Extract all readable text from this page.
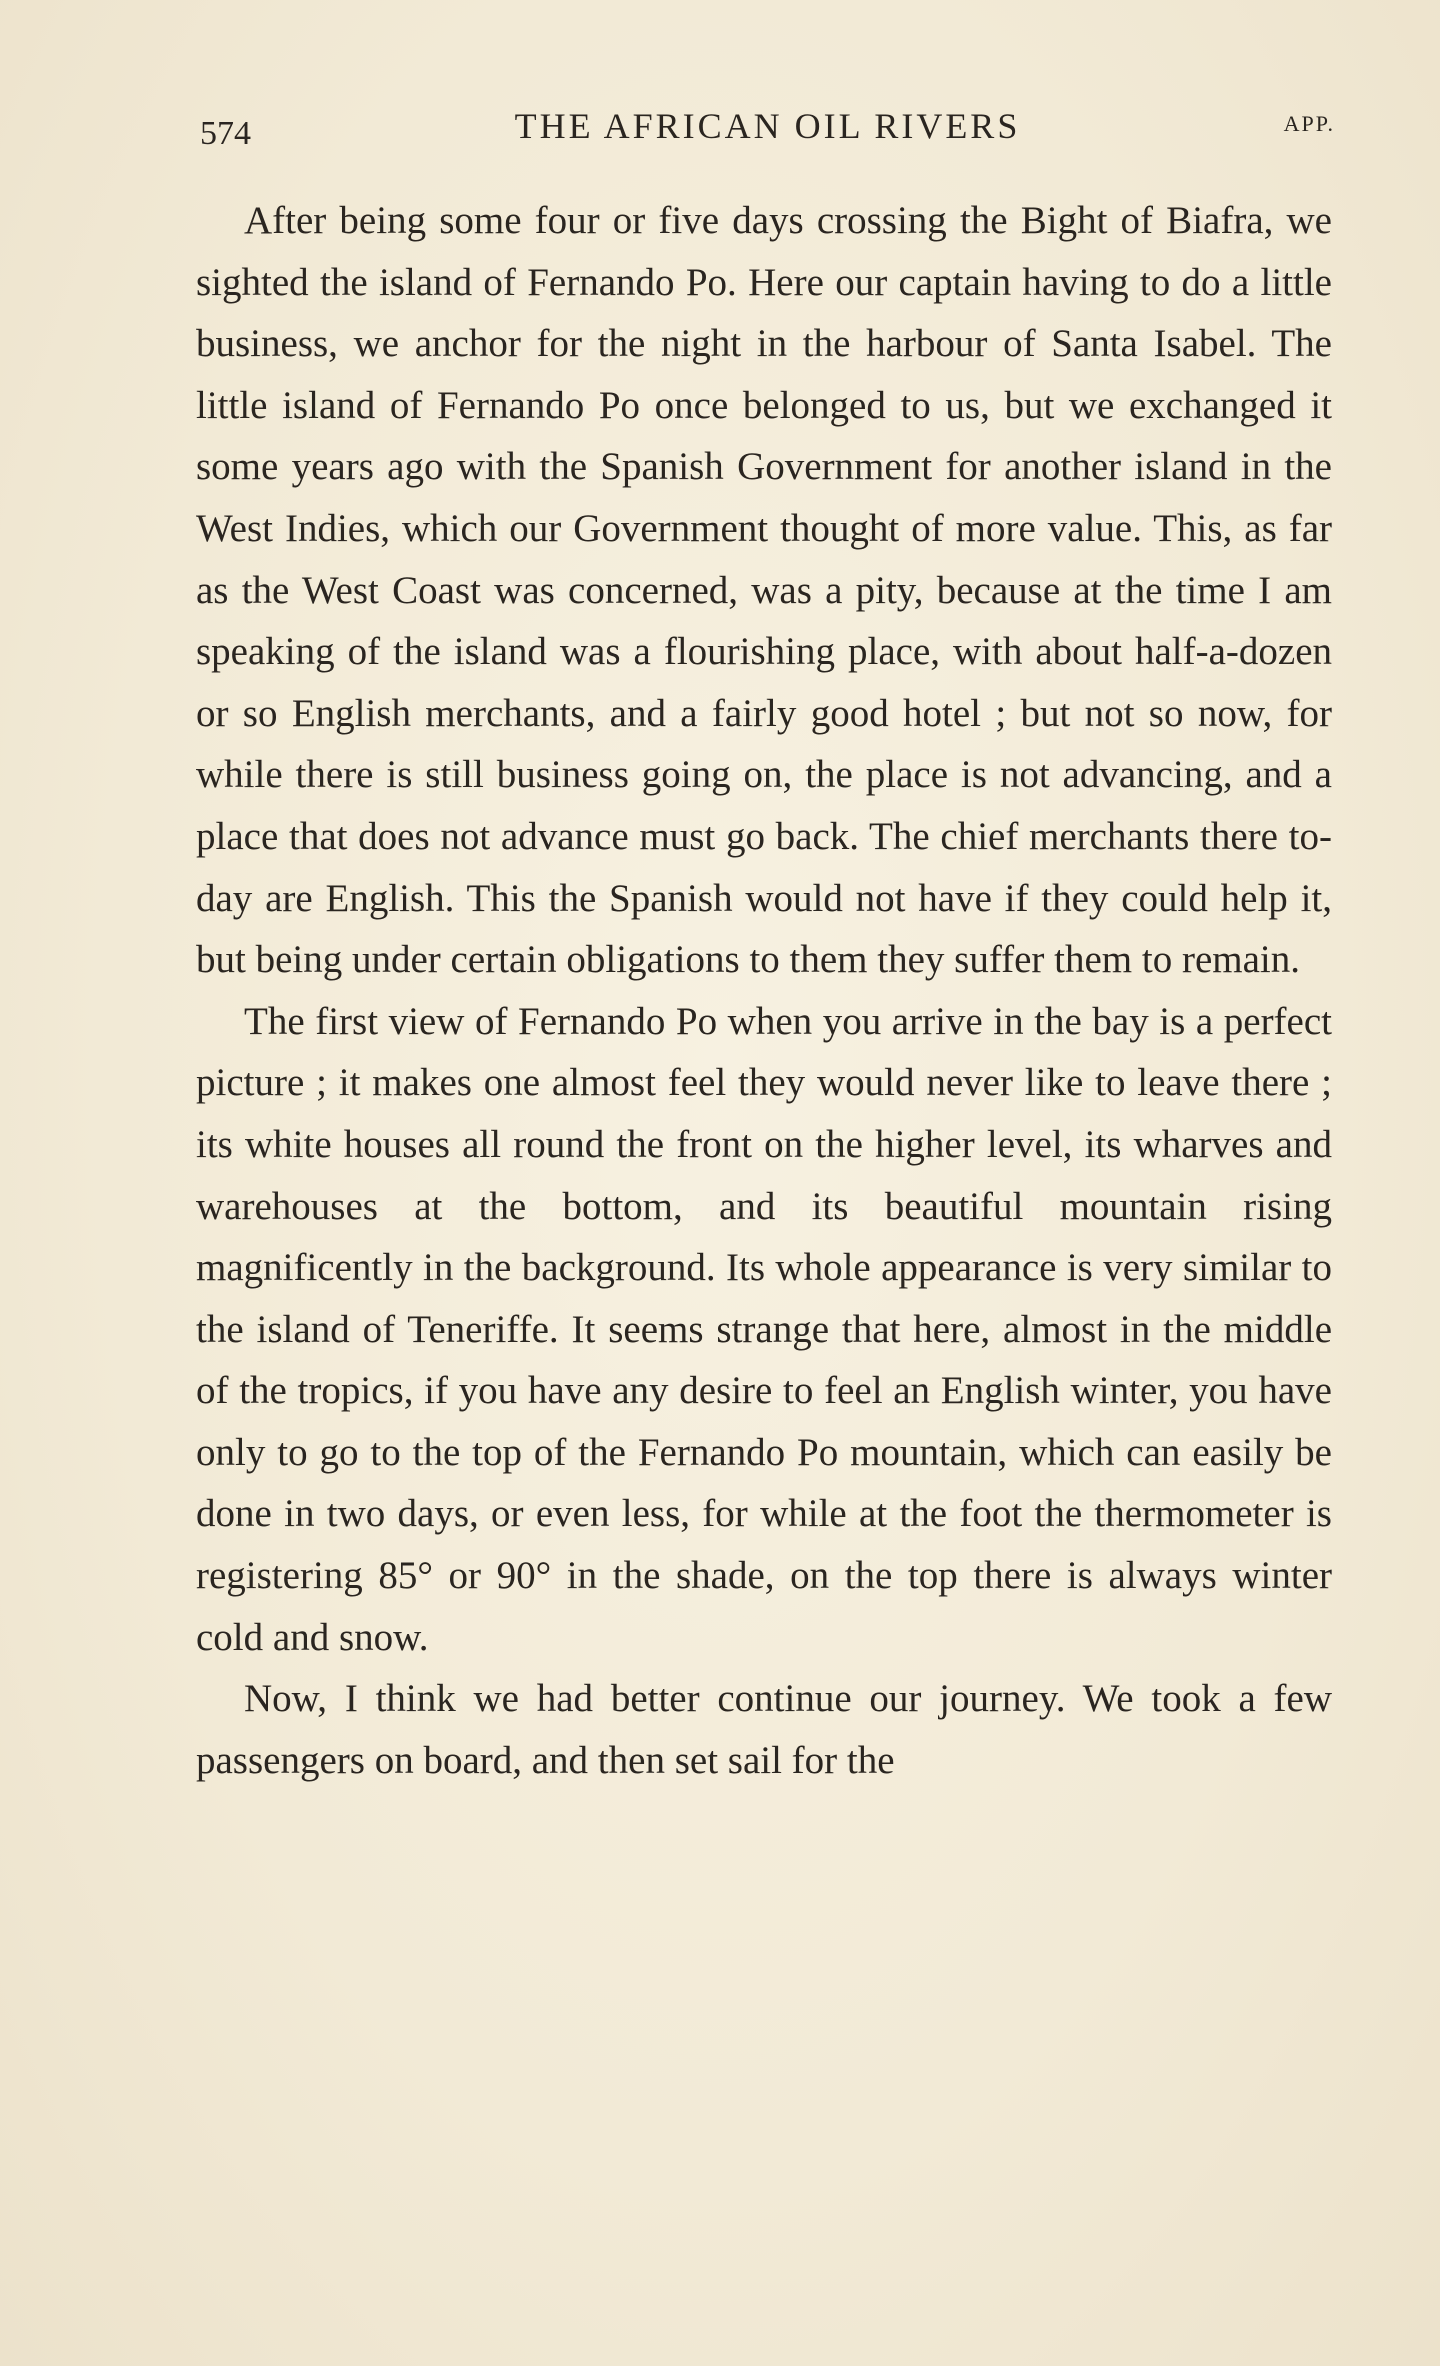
574	THE AFRICAN OIL RIVERS	APP.

After being some four or five days crossing the Bight of Biafra, we sighted the island of Fernando Po. Here our captain having to do a little business, we anchor for the night in the harbour of Santa Isabel. The little island of Fernando Po once belonged to us, but we exchanged it some years ago with the Spanish Government for another island in the West Indies, which our Government thought of more value. This, as far as the West Coast was concerned, was a pity, because at the time I am speaking of the island was a flourishing place, with about half-a-dozen or so English merchants, and a fairly good hotel ; but not so now, for while there is still business going on, the place is not advancing, and a place that does not advance must go back. The chief merchants there to-day are English. This the Spanish would not have if they could help it, but being under certain obligations to them they suffer them to remain.

The first view of Fernando Po when you arrive in the bay is a perfect picture ; it makes one almost feel they would never like to leave there ; its white houses all round the front on the higher level, its wharves and warehouses at the bottom, and its beautiful mountain rising magnificently in the background. Its whole appearance is very similar to the island of Teneriffe. It seems strange that here, almost in the middle of the tropics, if you have any desire to feel an English winter, you have only to go to the top of the Fernando Po mountain, which can easily be done in two days, or even less, for while at the foot the thermometer is registering 85° or 90° in the shade, on the top there is always winter cold and snow.

Now, I think we had better continue our journey. We took a few passengers on board, and then set sail for the
